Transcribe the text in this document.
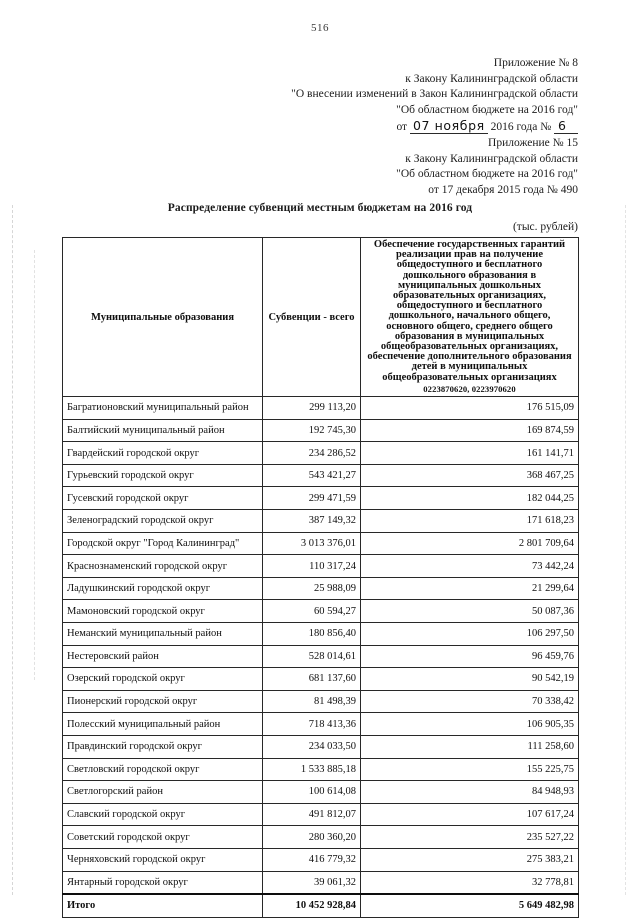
516
Приложение № 8
к Закону Калининградской области
"О внесении изменений в Закон Калининградской области
"Об областном бюджете на 2016 год"
от 07 ноября 2016 года № 6
Приложение № 15
к Закону Калининградской области
"Об областном бюджете на 2016 год"
от 17 декабря 2015 года № 490
Распределение субвенций местным бюджетам на 2016 год
(тыс. рублей)
Муниципальные образования	Субвенции - всего	Обеспечение государственных гарантий реализации прав на получение общедоступного и бесплатного дошкольного образования в муниципальных дошкольных образовательных организациях, общедоступного и бесплатного дошкольного, начального общего, основного общего, среднего общего образования в муниципальных общеобразовательных организациях, обеспечение дополнительного образования детей в муниципальных общеобразовательных организациях
0223870620, 0223970620

Багратионовский муниципальный район	299 113,20	176 515,09
Балтийский муниципальный район	192 745,30	169 874,59
Гвардейский городской округ	234 286,52	161 141,71
Гурьевский городской округ	543 421,27	368 467,25
Гусевский городской округ	299 471,59	182 044,25
Зеленоградский городской округ	387 149,32	171 618,23
Городской округ "Город Калининград"	3 013 376,01	2 801 709,64
Краснознаменский городской округ	110 317,24	73 442,24
Ладушкинский городской округ	25 988,09	21 299,64
Мамоновский городской округ	60 594,27	50 087,36
Неманский муниципальный район	180 856,40	106 297,50
Нестеровский район	528 014,61	96 459,76
Озерский городской округ	681 137,60	90 542,19
Пионерский городской округ	81 498,39	70 338,42
Полесский муниципальный район	718 413,36	106 905,35
Правдинский городской округ	234 033,50	111 258,60
Светловский городской округ	1 533 885,18	155 225,75
Светлогорский район	100 614,08	84 948,93
Славский городской округ	491 812,07	107 617,24
Советский городской округ	280 360,20	235 527,22
Черняховский городской округ	416 779,32	275 383,21
Янтарный городской округ	39 061,32	32 778,81
Итого	10 452 928,84	5 649 482,98
